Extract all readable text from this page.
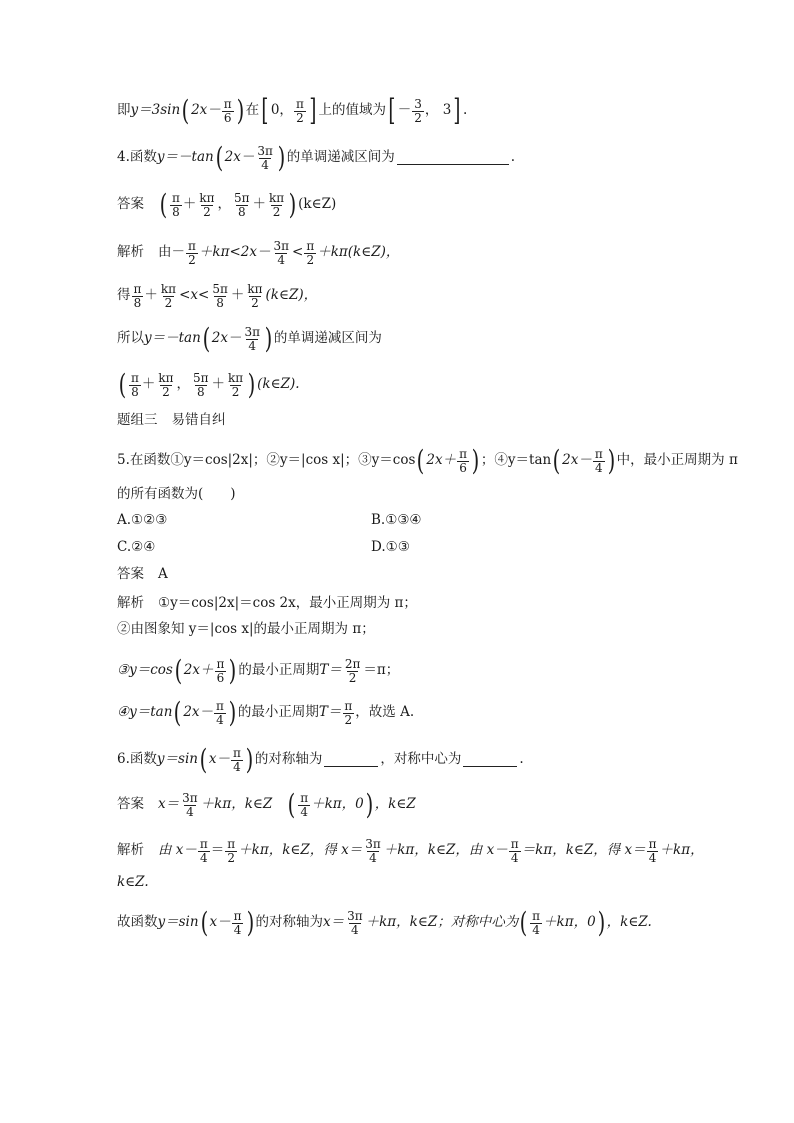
即 y＝3sin ( $2x- \frac{\pi}{6}$ ) 在 [ 0， $\frac{\pi}{2}$ ] 上的值域为 [ － $\frac{3}{2}$ ， 3 ] .
4.函数 y＝－tan ( $2x- \frac{3\pi}{4}$ ) 的单调递减区间为	.
答案 ( $\frac{\pi}{8} + \frac{k\pi}{2}$ ， $\frac{5\pi}{8} + \frac{k\pi}{2}$ ) (k∈Z)
解析 由－ $\frac{\pi}{2} +k\pi<2x- \frac{3\pi}{4} < \frac{\pi}{2}$ ＋kπ(k∈Z)，
得 $\frac{\pi}{8} + \frac{k\pi}{2} <x< \frac{5\pi}{8} + \frac{k\pi}{2}$ (k∈Z)，
所以 y＝－tan ( $2x- \frac{3\pi}{4}$ ) 的单调递减区间为
( $\frac{\pi}{8} + \frac{k\pi}{2}$ ， $\frac{5\pi}{8} + \frac{k\pi}{2}$ ) (k∈Z).
题组三 易错自纠
5.在函数①y＝cos|2x|；②y＝|cos x|；③y＝cos ( $2x+ \frac{\pi}{6}$ ) ；④y＝tan ( $2x- \frac{\pi}{4}$ ) 中，最小正周期为 π
的所有函数为(　　)
A.①②③	B.①③④
C.②④	D.①③
答案 A
解析 ①y＝cos|2x|＝cos 2x，最小正周期为 π；
②由图象知 y＝|cos x|的最小正周期为 π；
③y＝cos ( $2x+ \frac{\pi}{6}$ ) 的最小正周期 $T= \frac{2\pi}{2} =\pi$；
④y＝tan ( $2x- \frac{\pi}{4}$ ) 的最小正周期 $T= \frac{\pi}{2}$ ，故选 A.
6.函数 y＝sin ( $x- \frac{\pi}{4}$ ) 的对称轴为	，对称中心为	.
答案 $x= \frac{3\pi}{4} +k\pi$，k∈Z ( $\frac{\pi}{4} +k\pi$，0 ) ，k∈Z
解析 由 $x- \frac{\pi}{4} = \frac{\pi}{2} +k\pi$，k∈Z，得 $x= \frac{3\pi}{4} +k\pi$，k∈Z，由 $x- \frac{\pi}{4} =k\pi$，k∈Z，得 $x= \frac{\pi}{4} +k\pi$，
k∈Z.
故函数 y＝sin ( $x- \frac{\pi}{4}$ ) 的对称轴为 $x= \frac{3\pi}{4} +k\pi$，k∈Z；对称中心为 ( $\frac{\pi}{4} +k\pi$，0 ) ，k∈Z.
